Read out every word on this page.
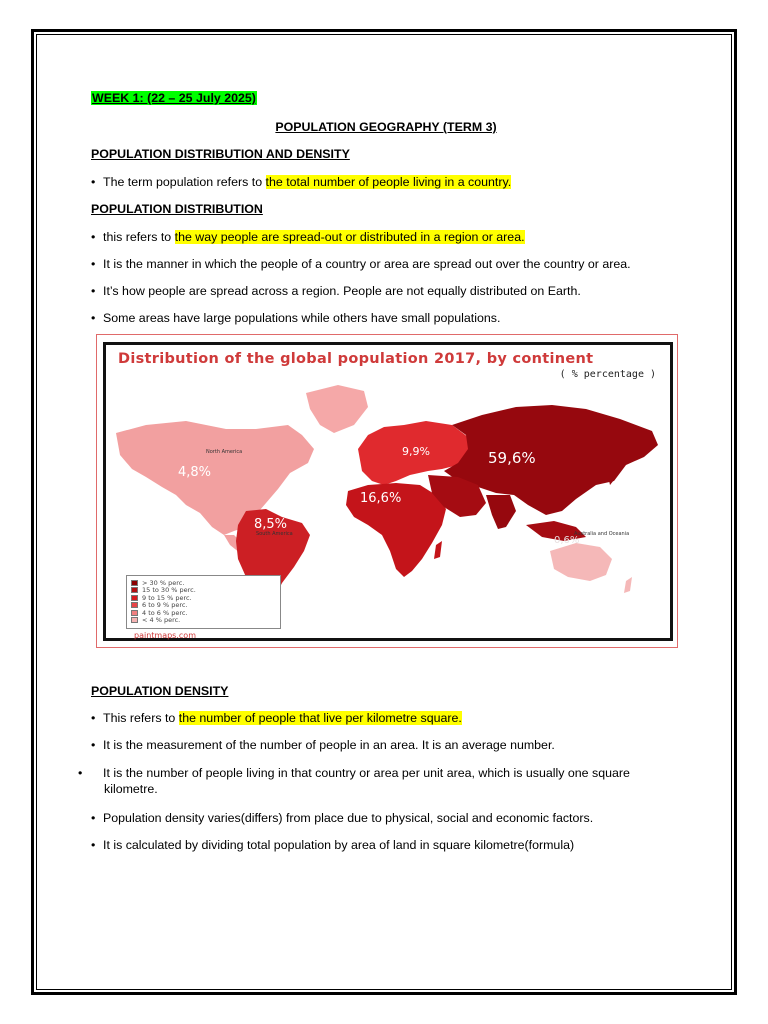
WEEK 1: (22 – 25 July 2025)
POPULATION GEOGRAPHY (TERM 3)
POPULATION DISTRIBUTION AND DENSITY
• The term population refers to the total number of people living in a country.
POPULATION DISTRIBUTION
• this refers to the way people are spread-out or distributed in a region or area.
• It is the manner in which the people of a country or area are spread out over the country or area.
• It’s how people are spread across a region. People are not equally distributed on Earth.
• Some areas have large populations while others have small populations.
POPULATION DENSITY
• This refers to the number of people that live per kilometre square.
• It is the measurement of the number of people in an area. It is an average number.
• It is the number of people living in that country or area per unit area, which is usually one square kilometre.
• Population density varies(differs) from place due to physical, social and economic factors.
• It is calculated by dividing total population by area of land in square kilometre(formula)
Distribution of the global population 2017, by continent
( % percentage )
4,8%
8,5%
9,9%
16,6%
59,6%
0,6%
North America
South America	Australia and Oceania
> 30 % perc.
15 to 30 % perc.
9 to 15 % perc.
6 to 9 % perc.
4 to 6 % perc.
< 4 % perc.
paintmaps.com
